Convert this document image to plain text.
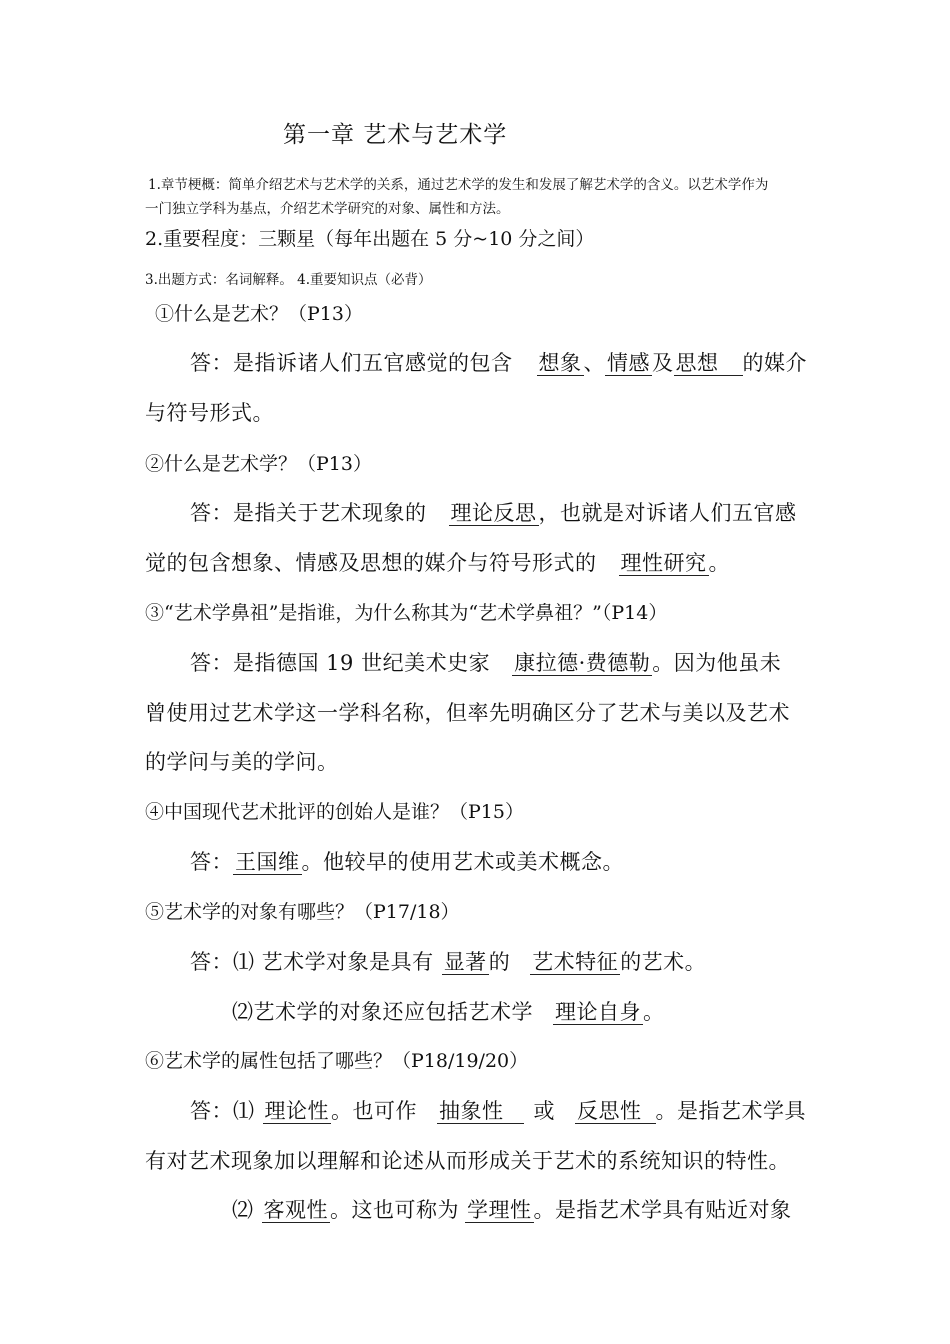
第一章 艺术与艺术学
1.章节梗概：简单介绍艺术与艺术学的关系，通过艺术学的发生和发展了解艺术学的含义。以艺术学作为
一门独立学科为基点，介绍艺术学研究的对象、属性和方法。
2.重要程度：三颗星（每年出题在 5 分~10 分之间）
3.出题方式：名词解释。 4.重要知识点（必背）
①什么是艺术？（P13）
答：是指诉诸人们五官感觉的包含 想象、情感及思想 的媒介
与符号形式。
②什么是艺术学？（P13）
答：是指关于艺术现象的 理论反思，也就是对诉诸人们五官感
觉的包含想象、情感及思想的媒介与符号形式的 理性研究。
③“艺术学鼻祖”是指谁，为什么称其为“艺术学鼻祖？”（P14）
答：是指德国 19 世纪美术史家 康拉德·费德勒。因为他虽未
曾使用过艺术学这一学科名称，但率先明确区分了艺术与美以及艺术
的学问与美的学问。
④中国现代艺术批评的创始人是谁？（P15）
答：王国维。他较早的使用艺术或美术概念。
⑤艺术学的对象有哪些？（P17/18）
答：⑴ 艺术学对象是具有 显著的 艺术特征的艺术。
⑵艺术学的对象还应包括艺术学 理论自身。
⑥艺术学的属性包括了哪些？（P18/19/20）
答：⑴ 理论性。也可作 抽象性 或 反思性 。是指艺术学具
有对艺术现象加以理解和论述从而形成关于艺术的系统知识的特性。
⑵ 客观性。这也可称为 学理性。是指艺术学具有贴近对象
